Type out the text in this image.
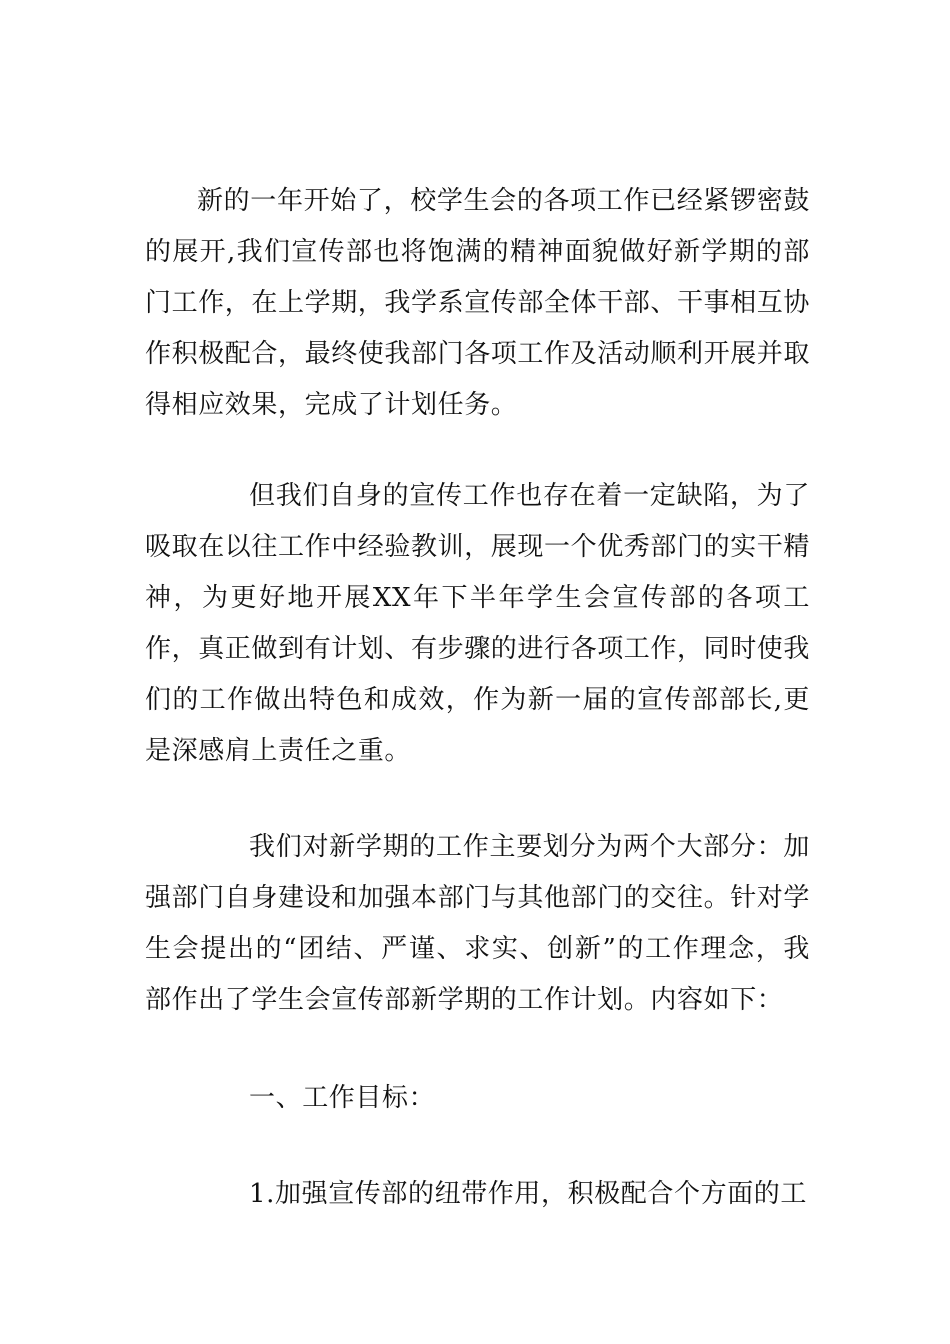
新的一年开始了，校学生会的各项工作已经紧锣密鼓的展开,我们宣传部也将饱满的精神面貌做好新学期的部门工作，在上学期，我学系宣传部全体干部、干事相互协作积极配合，最终使我部门各项工作及活动顺利开展并取得相应效果，完成了计划任务。

但我们自身的宣传工作也存在着一定缺陷，为了吸取在以往工作中经验教训，展现一个优秀部门的实干精神，为更好地开展XX年下半年学生会宣传部的各项工作，真正做到有计划、有步骤的进行各项工作，同时使我们的工作做出特色和成效，作为新一届的宣传部部长,更是深感肩上责任之重。

我们对新学期的工作主要划分为两个大部分：加强部门自身建设和加强本部门与其他部门的交往。针对学生会提出的“团结、严谨、求实、创新”的工作理念，我部作出了学生会宣传部新学期的工作计划。内容如下：

一、工作目标：

1.加强宣传部的纽带作用，积极配合个方面的工
